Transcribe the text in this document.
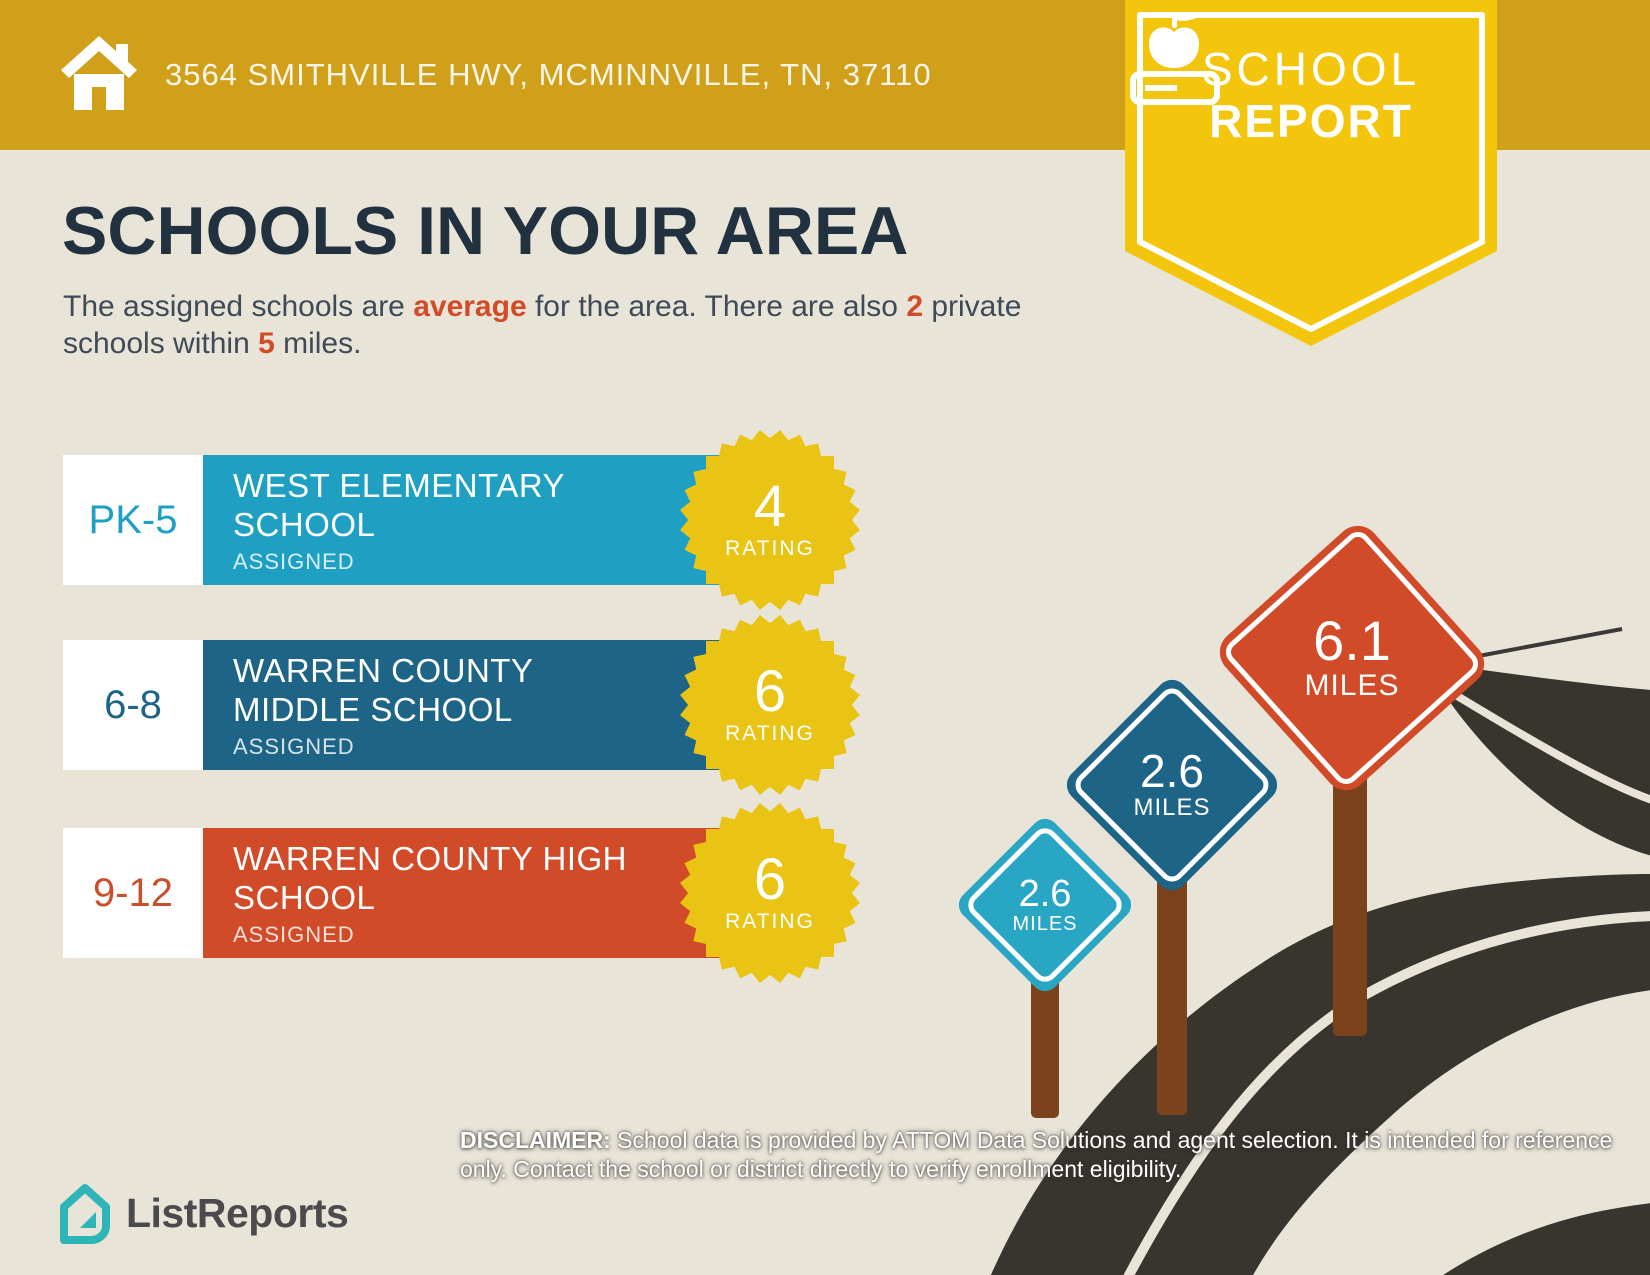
2.6
MILES
2.6
MILES
6.1
MILES
3564 SMITHVILLE HWY, MCMINNVILLE, TN, 37110	SCHOOL
REPORT
SCHOOLS IN YOUR AREA
The assigned schools are average for the area. There are also 2 private schools within 5 miles.
PK-5
WEST ELEMENTARY SCHOOL
ASSIGNED
4
RATING
6-8
WARREN COUNTY MIDDLE SCHOOL
ASSIGNED
6
RATING
9-12
WARREN COUNTY HIGH SCHOOL
ASSIGNED
6
RATING
ListReports
DISCLAIMER: School data is provided by ATTOM Data Solutions and agent selection. It is intended for reference only. Contact the school or district directly to verify enrollment eligibility.
